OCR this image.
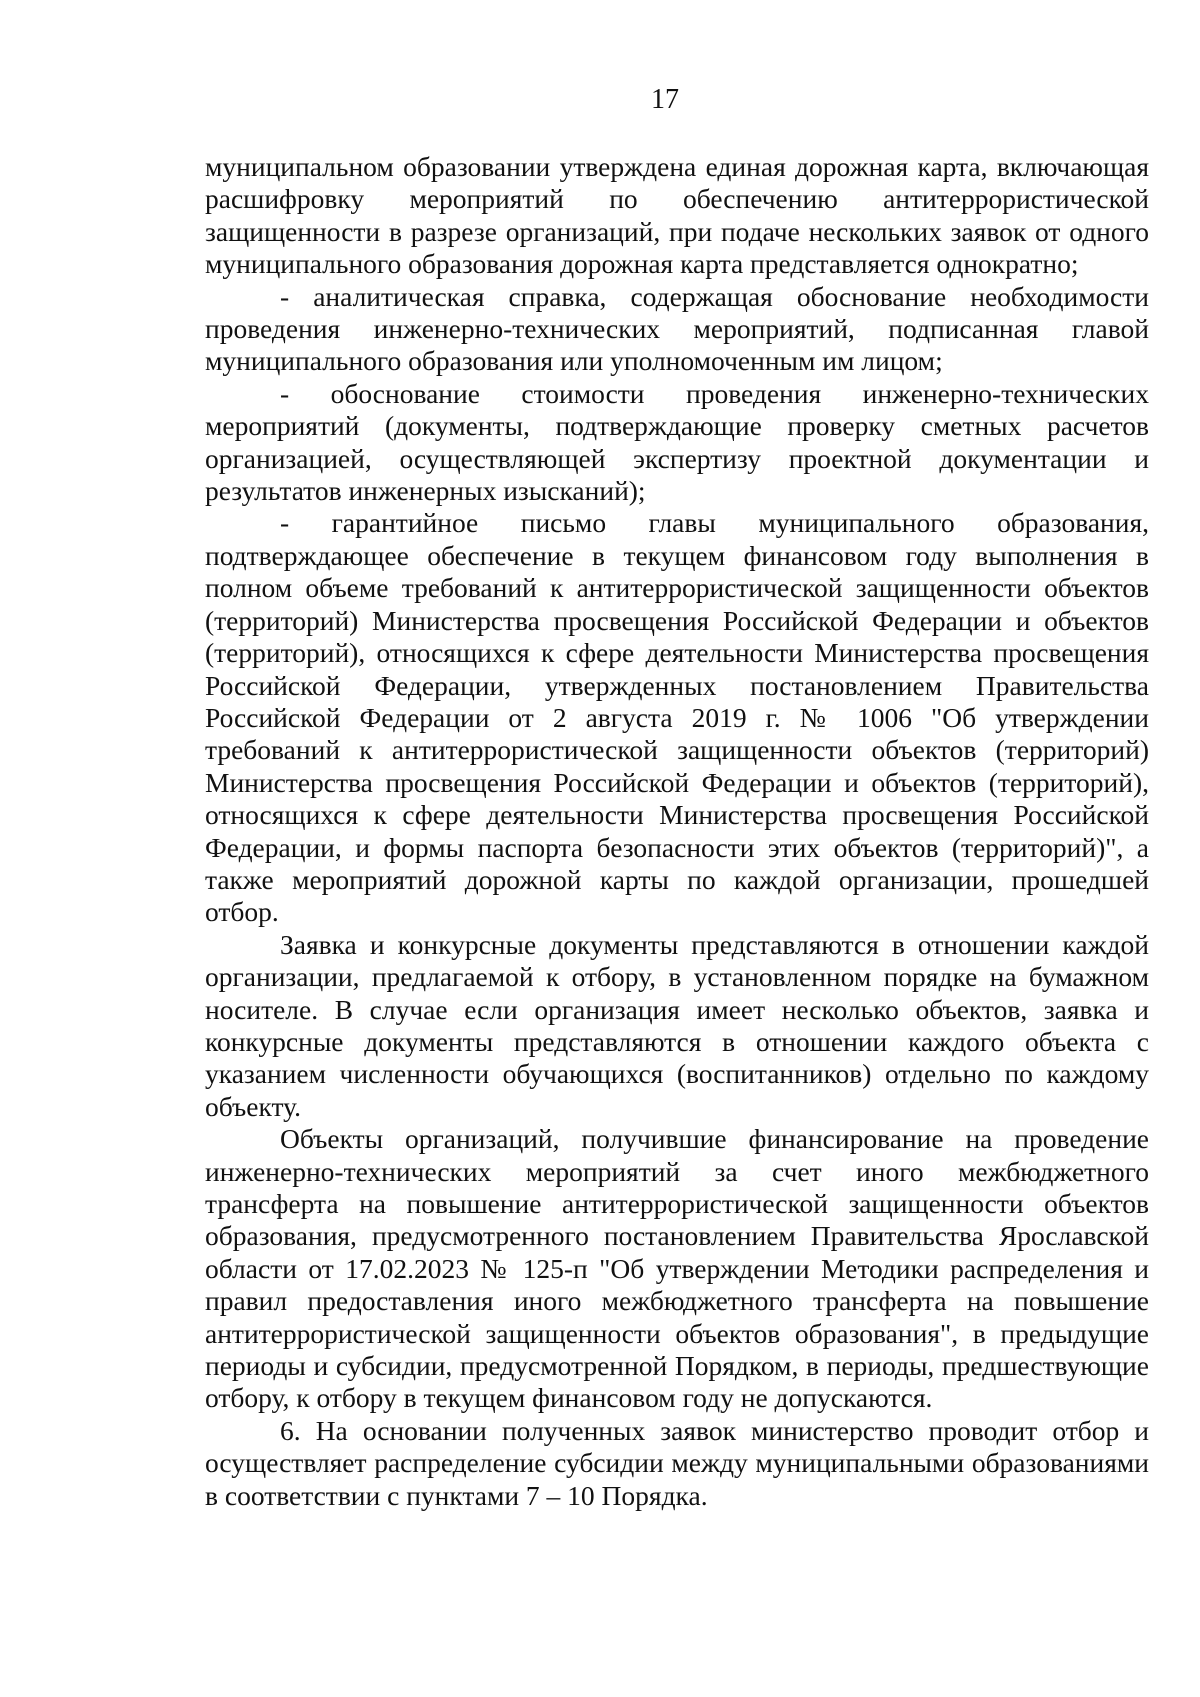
17

муниципальном образовании утверждена единая дорожная карта, включающая расшифровку мероприятий по обеспечению антитеррористической защищенности в разрезе организаций, при подаче нескольких заявок от одного муниципального образования дорожная карта представляется однократно;

- аналитическая справка, содержащая обоснование необходимости проведения инженерно-технических мероприятий, подписанная главой муниципального образования или уполномоченным им лицом;

- обоснование стоимости проведения инженерно-технических мероприятий (документы, подтверждающие проверку сметных расчетов организацией, осуществляющей экспертизу проектной документации и результатов инженерных изысканий);

- гарантийное письмо главы муниципального образования, подтверждающее обеспечение в текущем финансовом году выполнения в полном объеме требований к антитеррористической защищенности объектов (территорий) Министерства просвещения Российской Федерации и объектов (территорий), относящихся к сфере деятельности Министерства просвещения Российской Федерации, утвержденных постановлением Правительства Российской Федерации от 2 августа 2019 г. № 1006 "Об утверждении требований к антитеррористической защищенности объектов (территорий) Министерства просвещения Российской Федерации и объектов (территорий), относящихся к сфере деятельности Министерства просвещения Российской Федерации, и формы паспорта безопасности этих объектов (территорий)", а также мероприятий дорожной карты по каждой организации, прошедшей отбор.

Заявка и конкурсные документы представляются в отношении каждой организации, предлагаемой к отбору, в установленном порядке на бумажном носителе. В случае если организация имеет несколько объектов, заявка и конкурсные документы представляются в отношении каждого объекта с указанием численности обучающихся (воспитанников) отдельно по каждому объекту.

Объекты организаций, получившие финансирование на проведение инженерно-технических мероприятий за счет иного межбюджетного трансферта на повышение антитеррористической защищенности объектов образования, предусмотренного постановлением Правительства Ярославской области от 17.02.2023 № 125-п "Об утверждении Методики распределения и правил предоставления иного межбюджетного трансферта на повышение антитеррористической защищенности объектов образования", в предыдущие периоды и субсидии, предусмотренной Порядком, в периоды, предшествующие отбору, к отбору в текущем финансовом году не допускаются.

6. На основании полученных заявок министерство проводит отбор и осуществляет распределение субсидии между муниципальными образованиями в соответствии с пунктами 7 – 10 Порядка.
